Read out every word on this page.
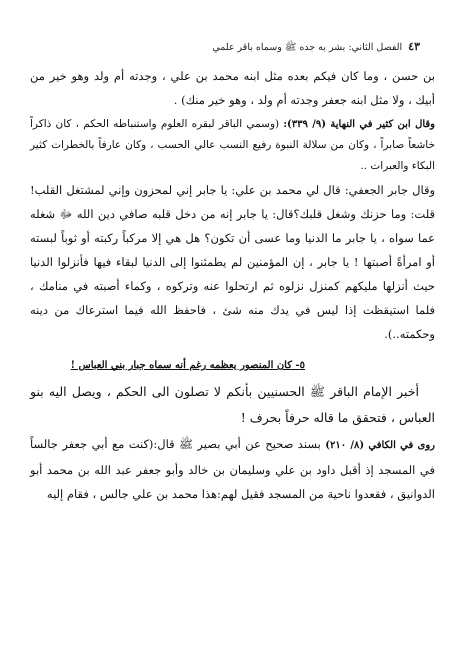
٤٣
الفصل الثاني: بشر به جده ﷺ وسماه باقر علمي

بن حسن ، وما كان فيكم بعده مثل ابنه محمد بن علي ، وجدته أم ولد وهو خير من أبيك ، ولا مثل ابنه جعفر وجدته أم ولد ، وهو خير منك) .

وقال ابن كثير في النهاية (٩/ ٣٣٩): (وسمي الباقر لبقره العلوم واستنباطه الحكم ، كان ذاكراً خاشعاً صابراً ، وكان من سلالة النبوة رفيع النسب عالي الحسب ، وكان عارفاً بالخطرات كثير البكاء والعبرات ..

وقال جابر الجعفي: قال لي محمد بن علي: يا جابر إني لمحزون وإني لمشتغل القلب! قلت: وما حزنك وشغل قلبك؟قال: يا جابر إنه من دخل قلبه صافي دين الله ﷻ شغله عما سواه ، يا جابر ما الدنيا وما عسى أن تكون؟ هل هي إلا مركباً ركبته أو ثوباً لبسته أو امرأةً أصبتها ! يا جابر ، إن المؤمنين لم يطمئنوا إلى الدنيا لبقاء فيها فأنزلوا الدنيا حيث أنزلها مليكهم كمنزل نزلوه ثم ارتحلوا عنه وتركوه ، وكماء أصبته في منامك ، فلما استيقظت إذا ليس في يدك منه شئ ، فاحفظ الله فيما استرعاك من دينه وحكمته..).

٥- كان المنصور يعظمه رغم أنه سماه جبار بني العباس !

أخبر الإمام الباقر ﷺ الحسنيين بأنكم لا تصلون الى الحكم ، ويصل اليه بنو العباس ، فتحقق ما قاله حرفاً بحرف !

روى في الكافي (٨/ ٢١٠) بسند صحيح عن أبي بصير ﷺ قال:(كنت مع أبي جعفر جالساً في المسجد إذ أقبل داود بن علي وسليمان بن خالد وأبو جعفر عبد الله بن محمد أبو الدوانيق ، فقعدوا ناحية من المسجد فقيل لهم:هذا محمد بن علي جالس ، فقام إليه
